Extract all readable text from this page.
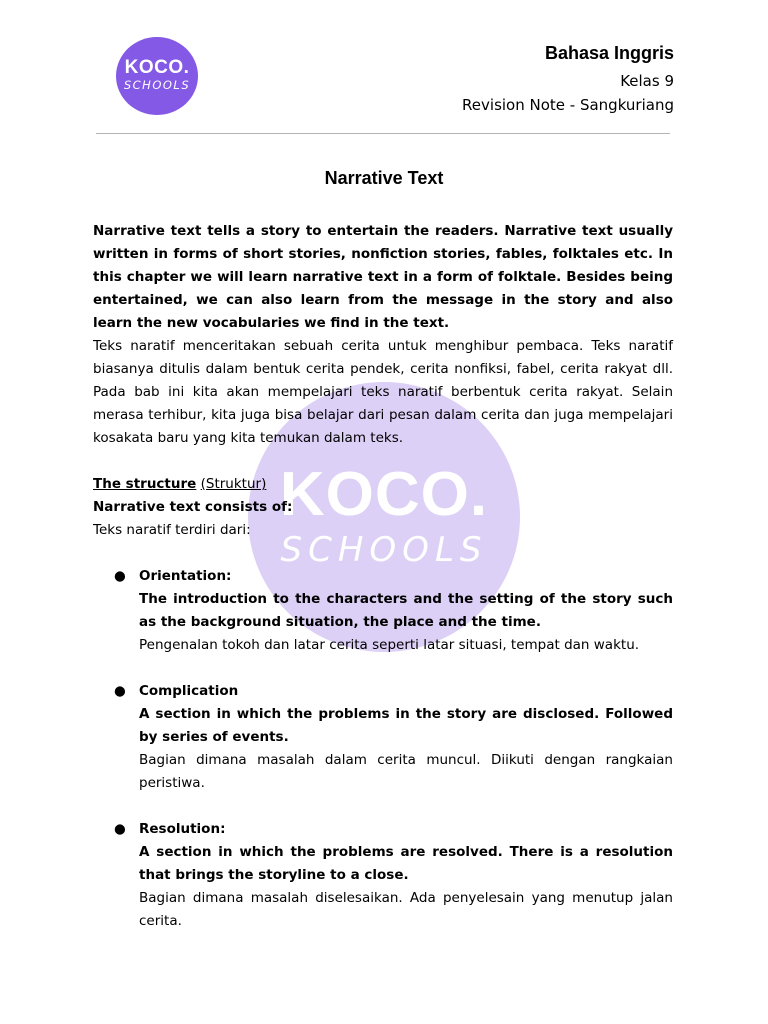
KOCO.
SCHOOLS
Bahasa Inggris
Kelas 9
Revision Note - Sangkuriang
KOCO.
SCHOOLS
Narrative Text

Narrative text tells a story to entertain the readers. Narrative text usually written in forms of short stories, nonfiction stories, fables, folktales etc. In this chapter we will learn narrative text in a form of folktale. Besides being entertained, we can also learn from the message in the story and also learn the new vocabularies we find in the text.

Teks naratif menceritakan sebuah cerita untuk menghibur pembaca. Teks naratif biasanya ditulis dalam bentuk cerita pendek, cerita nonfiksi, fabel, cerita rakyat dll. Pada bab ini kita akan mempelajari teks naratif berbentuk cerita rakyat. Selain merasa terhibur, kita juga bisa belajar dari pesan dalam cerita dan juga mempelajari kosakata baru yang kita temukan dalam teks.

The structure (Struktur)

Narrative text consists of:

Teks naratif terdiri dari:

● Orientation:

The introduction to the characters and the setting of the story such as the background situation, the place and the time.

Pengenalan tokoh dan latar cerita seperti latar situasi, tempat dan waktu.

● Complication

A section in which the problems in the story are disclosed. Followed by series of events.

Bagian dimana masalah dalam cerita muncul. Diikuti dengan rangkaian peristiwa.

● Resolution:

A section in which the problems are resolved. There is a resolution that brings the storyline to a close.

Bagian dimana masalah diselesaikan. Ada penyelesain yang menutup jalan cerita.
